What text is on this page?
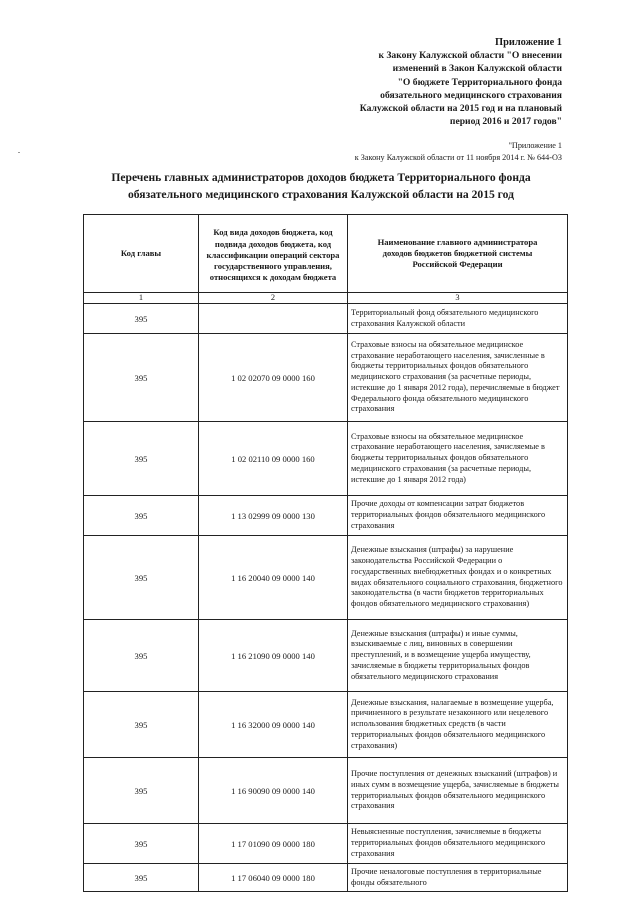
Приложение 1
к Закону Калужской области "О внесении
изменений в Закон Калужской области
"О бюджете Территориального фонда
обязательного медицинского страхования
Калужской области на 2015 год и на плановый
период 2016 и 2017 годов"
"Приложение 1
к Закону Калужской области от 11 ноября 2014 г. № 644-ОЗ
Перечень главных администраторов доходов бюджета Территориального фонда
обязательного медицинского страхования Калужской области на 2015 год
Код главы	Код вида доходов бюджета, код подвида доходов бюджета, код классификации операций сектора государственного управления, относящихся к доходам бюджета	Наименование главного администратора доходов бюджетов бюджетной системы Российской Федерации
1	2	3
395		Территориальный фонд обязательного медицинского страхования Калужской области
395	1 02 02070 09 0000 160	Страховые взносы на обязательное медицинское страхование неработающего населения, зачисленные в бюджеты территориальных фондов обязательного медицинского страхования (за расчетные периоды, истекшие до 1 января 2012 года), перечисляемые в бюджет Федерального фонда обязательного медицинского страхования
395	1 02 02110 09 0000 160	Страховые взносы на обязательное медицинское страхование неработающего населения, зачисляемые в бюджеты территориальных фондов обязательного медицинского страхования (за расчетные периоды, истекшие до 1 января 2012 года)
395	1 13 02999 09 0000 130	Прочие доходы от компенсации затрат бюджетов территориальных фондов обязательного медицинского страхования
395	1 16 20040 09 0000 140	Денежные взыскания (штрафы) за нарушение законодательства Российской Федерации о государственных внебюджетных фондах и о конкретных видах обязательного социального страхования, бюджетного законодательства (в части бюджетов территориальных фондов обязательного медицинского страхования)
395	1 16 21090 09 0000 140	Денежные взыскания (штрафы) и иные суммы, взыскиваемые с лиц, виновных в совершении преступлений, и в возмещение ущерба имуществу, зачисляемые в бюджеты территориальных фондов обязательного медицинского страхования
395	1 16 32000 09 0000 140	Денежные взыскания, налагаемые в возмещение ущерба, причиненного в результате незаконного или нецелевого использования бюджетных средств (в части территориальных фондов обязательного медицинского страхования)
395	1 16 90090 09 0000 140	Прочие поступления от денежных взысканий (штрафов) и иных сумм в возмещение ущерба, зачисляемые в бюджеты территориальных фондов обязательного медицинского страхования
395	1 17 01090 09 0000 180	Невыясненные поступления, зачисляемые в бюджеты территориальных фондов обязательного медицинского страхования
395	1 17 06040 09 0000 180	Прочие неналоговые поступления в территориальные фонды обязательного
